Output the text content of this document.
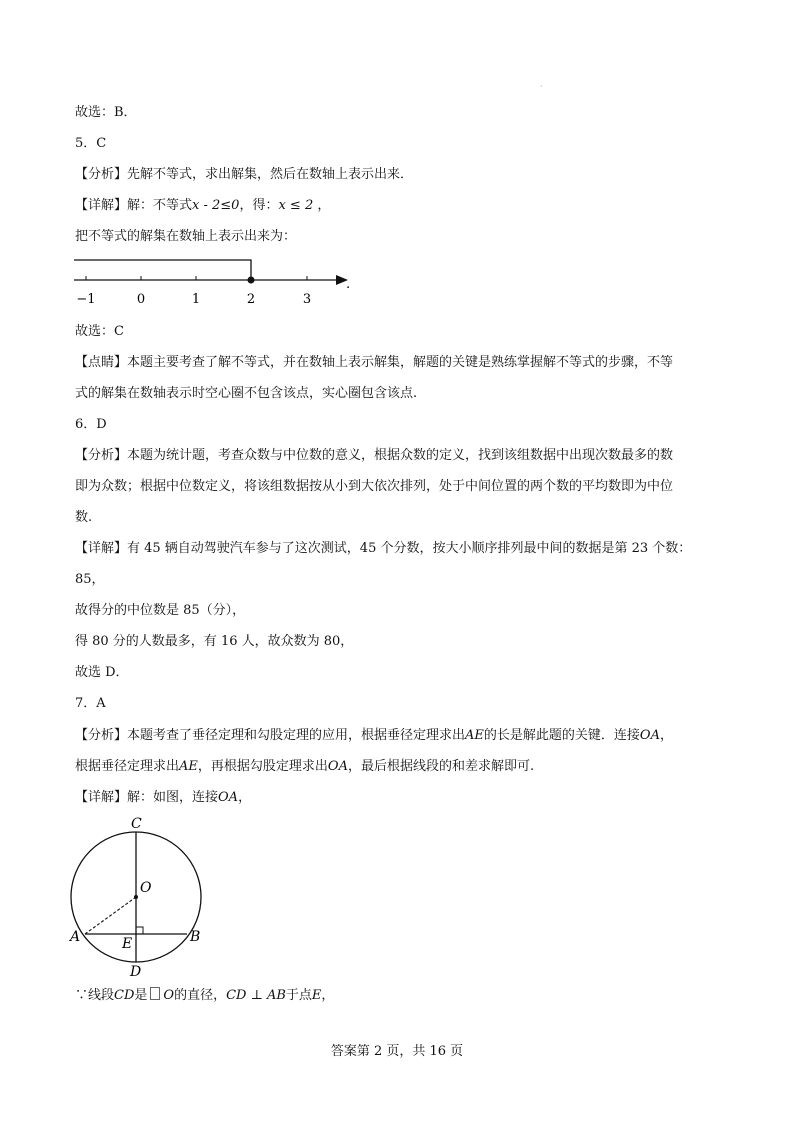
·
故选：B．
5．C
【分析】先解不等式，求出解集，然后在数轴上表示出来．
【详解】解：不等式x - 2≤0，得：x ≤ 2 ，
把不等式的解集在数轴上表示出来为：
−1	0	1	2	3
.
故选：C
【点睛】本题主要考查了解不等式，并在数轴上表示解集，解题的关键是熟练掌握解不等式的步骤，不等
式的解集在数轴表示时空心圈不包含该点，实心圈包含该点.
6．D
【分析】本题为统计题，考查众数与中位数的意义，根据众数的定义，找到该组数据中出现次数最多的数
即为众数；根据中位数定义，将该组数据按从小到大依次排列，处于中间位置的两个数的平均数即为中位
数.
【详解】有 45 辆自动驾驶汽车参与了这次测试，45 个分数，按大小顺序排列最中间的数据是第 23 个数：
85，
故得分的中位数是 85（分），
得 80 分的人数最多，有 16 人，故众数为 80，
故选 D．
7．A
【分析】本题考查了垂径定理和勾股定理的应用，根据垂径定理求出AE的长是解此题的关键．连接OA，
根据垂径定理求出AE，再根据勾股定理求出OA，最后根据线段的和差求解即可.
【详解】解：如图，连接OA，
C
O
A	E	B
D
∵线段CD是 O的直径，CD ⊥ AB于点E，
答案第 2 页，共 16 页
